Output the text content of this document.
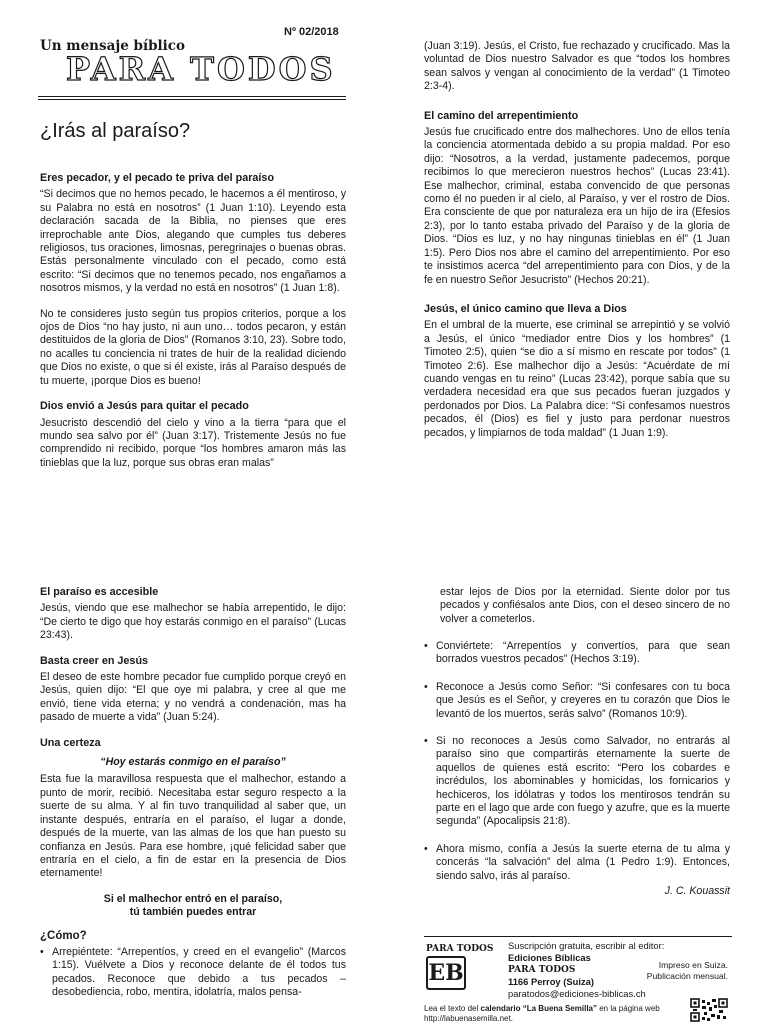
Nº 02/2018
Un mensaje bíblico
PARA TODOS
¿Irás al paraíso?
Eres pecador, y el pecado te priva del paraíso

“Si decimos que no hemos pecado, le hacemos a él mentiroso, y su Palabra no está en nosotros” (1 Juan 1:10). Leyendo esta declaración sacada de la Biblia, no pienses que eres irreprochable ante Dios, alegando que cumples tus deberes religiosos, tus oraciones, limosnas, peregrinajes o buenas obras. Estás personalmente vinculado con el pecado, como está escrito: “Si decimos que no tenemos pecado, nos engañamos a nosotros mismos, y la verdad no está en nosotros” (1 Juan 1:8).

No te consideres justo según tus propios criterios, porque a los ojos de Dios “no hay justo, ni aun uno… todos pecaron, y están destituidos de la gloria de Dios” (Romanos 3:10, 23). Sobre todo, no acalles tu conciencia ni trates de huir de la realidad diciendo que Dios no existe, o que si él existe, irás al Paraíso después de tu muerte, ¡porque Dios es bueno!

Dios envió a Jesús para quitar el pecado

Jesucristo descendió del cielo y vino a la tierra “para que el mundo sea salvo por él” (Juan 3:17). Tristemente Jesús no fue comprendido ni recibido, porque “los hombres amaron más las tinieblas que la luz, porque sus obras eran malas”

(Juan 3:19). Jesús, el Cristo, fue rechazado y crucificado. Mas la voluntad de Dios nuestro Salvador es que “todos los hombres sean salvos y vengan al conocimiento de la verdad” (1 Timoteo 2:3-4).

El camino del arrepentimiento

Jesús fue crucificado entre dos malhechores. Uno de ellos tenía la conciencia atormentada debido a su propia maldad. Por eso dijo: “Nosotros, a la verdad, justamente padecemos, porque recibimos lo que merecieron nuestros hechos” (Lucas 23:41). Ese malhechor, criminal, estaba convencido de que personas como él no pueden ir al cielo, al Paraíso, y ver el rostro de Dios. Era consciente de que por naturaleza era un hijo de ira (Efesios 2:3), por lo tanto estaba privado del Paraíso y de la gloria de Dios. “Dios es luz, y no hay ningunas tinieblas en él” (1 Juan 1:5). Pero Dios nos abre el camino del arrepentimiento. Por eso te insistimos acerca “del arrepentimiento para con Dios, y de la fe en nuestro Señor Jesucristo” (Hechos 20:21).

Jesús, el único camino que lleva a Dios

En el umbral de la muerte, ese criminal se arrepintió y se volvió a Jesús, el único “mediador entre Dios y los hombres” (1 Timoteo 2:5), quien “se dio a sí mismo en rescate por todos” (1 Timoteo 2:6). Ese malhechor dijo a Jesús: “Acuérdate de mí cuando vengas en tu reino” (Lucas 23:42), porque sabía que su verdadera necesidad era que sus pecados fueran juzgados y perdonados por Dios. La Palabra dice: “Si confesamos nuestros pecados, él (Dios) es fiel y justo para perdonar nuestros pecados, y limpiarnos de toda maldad” (1 Juan 1:9).

El paraíso es accesible

Jesús, viendo que ese malhechor se había arrepentido, le dijo: “De cierto te digo que hoy estarás conmigo en el paraíso” (Lucas 23:43).

Basta creer en Jesús

El deseo de este hombre pecador fue cumplido porque creyó en Jesús, quien dijo: “El que oye mi palabra, y cree al que me envió, tiene vida eterna; y no vendrá a condenación, mas ha pasado de muerte a vida” (Juan 5:24).

Una certeza
“Hoy estarás conmigo en el paraíso”

Esta fue la maravillosa respuesta que el malhechor, estando a punto de morir, recibió. Necesitaba estar seguro respecto a la suerte de su alma. Y al fin tuvo tranquilidad al saber que, un instante después, entraría en el paraíso, el lugar a donde, después de la muerte, van las almas de los que han puesto su confianza en Jesús. Para ese hombre, ¡qué felicidad saber que entraría en el cielo, a fin de estar en la presencia de Dios eternamente!

Si el malhechor entró en el paraíso,
tú también puedes entrar
¿Cómo?
• Arrepiéntete: “Arrepentíos, y creed en el evangelio” (Marcos 1:15). Vuélvete a Dios y reconoce delante de él todos tus pecados. Reconoce que debido a tus pecados –desobediencia, robo, mentira, idolatría, malos pensa-

estar lejos de Dios por la eternidad. Siente dolor por tus pecados y confiésalos ante Dios, con el deseo sincero de no volver a cometerlos.

• Conviértete: “Arrepentíos y convertíos, para que sean borrados vuestros pecados” (Hechos 3:19).
• Reconoce a Jesús como Señor: “Si confesares con tu boca que Jesús es el Señor, y creyeres en tu corazón que Dios le levantó de los muertos, serás salvo” (Romanos 10:9).
• Si no reconoces a Jesús como Salvador, no entrarás al paraíso sino que compartirás eternamente la suerte de aquellos de quienes está escrito: “Pero los cobardes e incrédulos, los abominables y homicidas, los fornicarios y hechiceros, los idólatras y todos los mentirosos tendrán su parte en el lago que arde con fuego y azufre, que es la muerte segunda” (Apocalipsis 21:8).
• Ahora mismo, confía a Jesús la suerte eterna de tu alma y concerás “la salvación” del alma (1 Pedro 1:9). Entonces, siendo salvo, irás al paraíso.
J. C. Kouassit
PARA TODOS
EB
Suscripción gratuita, escribir al editor:
Ediciones Bíblicas
PARA TODOS
1166 Perroy (Suiza)
paratodos@ediciones-biblicas.ch
Impreso en Suiza.
Publicación mensual.
Lea el texto del calendario “La Buena Semilla” en la página web
http://labuenasemilla.net.
